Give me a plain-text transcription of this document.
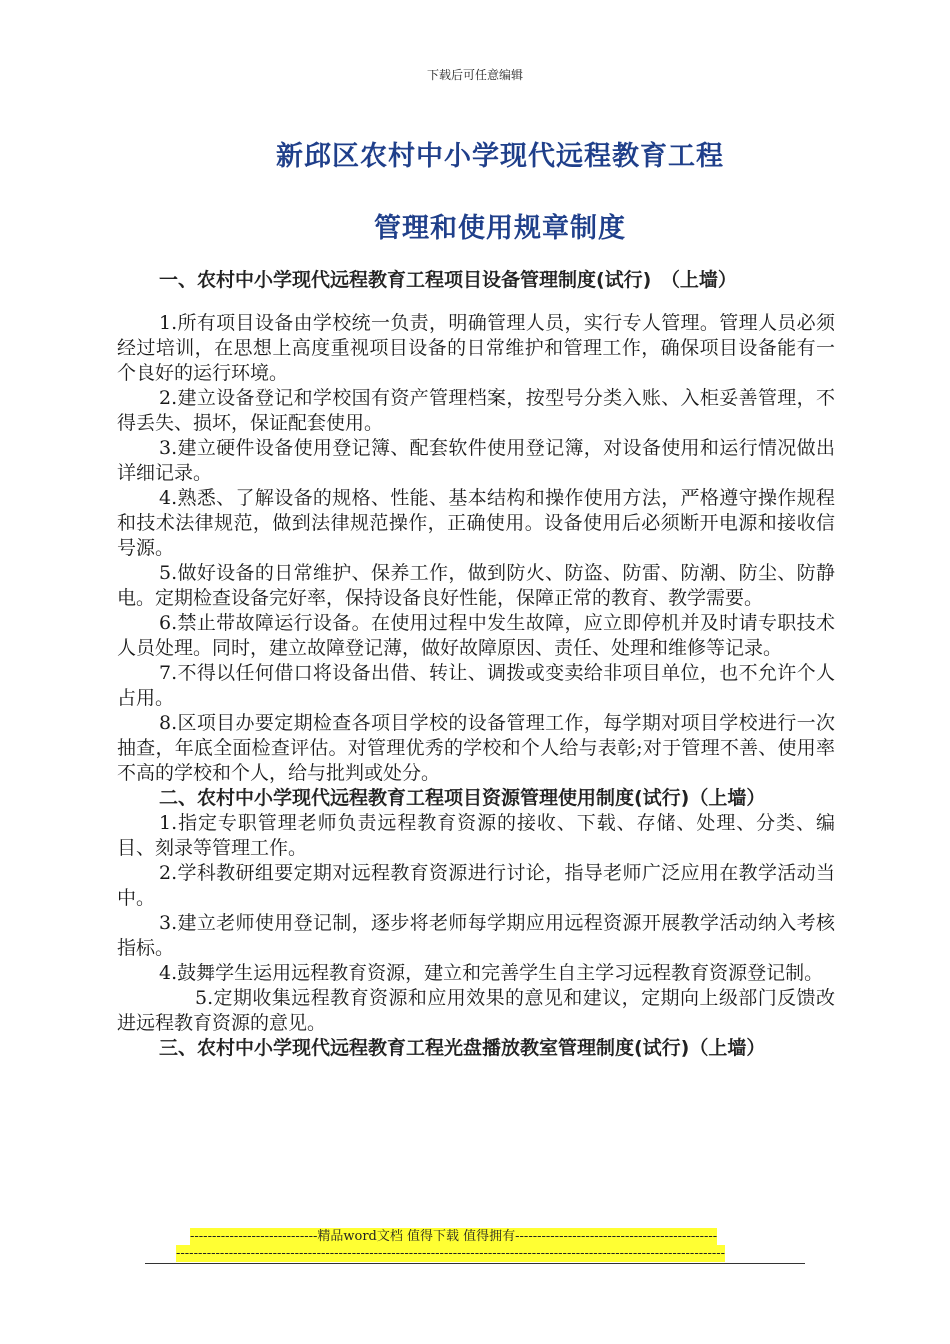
下载后可任意编辑
新邱区农村中小学现代远程教育工程
管理和使用规章制度

一、农村中小学现代远程教育工程项目设备管理制度(试行)　（上墙）

1.所有项目设备由学校统一负责，明确管理人员，实行专人管理。管理人员必须经过培训，在思想上高度重视项目设备的日常维护和管理工作，确保项目设备能有一个良好的运行环境。

2.建立设备登记和学校国有资产管理档案，按型号分类入账、入柜妥善管理，不得丢失、损坏，保证配套使用。

3.建立硬件设备使用登记簿、配套软件使用登记簿，对设备使用和运行情况做出详细记录。

4.熟悉、了解设备的规格、性能、基本结构和操作使用方法，严格遵守操作规程和技术法律规范，做到法律规范操作，正确使用。设备使用后必须断开电源和接收信号源。

5.做好设备的日常维护、保养工作，做到防火、防盗、防雷、防潮、防尘、防静电。定期检查设备完好率，保持设备良好性能，保障正常的教育、教学需要。

6.禁止带故障运行设备。在使用过程中发生故障，应立即停机并及时请专职技术人员处理。同时，建立故障登记薄，做好故障原因、责任、处理和维修等记录。

7.不得以任何借口将设备出借、转让、调拨或变卖给非项目单位，也不允许个人占用。

8.区项目办要定期检查各项目学校的设备管理工作，每学期对项目学校进行一次抽查，年底全面检查评估。对管理优秀的学校和个人给与表彰;对于管理不善、使用率不高的学校和个人，给与批判或处分。

二、农村中小学现代远程教育工程项目资源管理使用制度(试行)（上墙）

1.指定专职管理老师负责远程教育资源的接收、下载、存储、处理、分类、编目、刻录等管理工作。

2.学科教研组要定期对远程教育资源进行讨论，指导老师广泛应用在教学活动当中。

3.建立老师使用登记制，逐步将老师每学期应用远程资源开展教学活动纳入考核指标。

4.鼓舞学生运用远程教育资源，建立和完善学生自主学习远程教育资源登记制。

5.定期收集远程教育资源和应用效果的意见和建议，定期向上级部门反馈改进远程教育资源的意见。

三、农村中小学现代远程教育工程光盘播放教室管理制度(试行)（上墙）

-----------------------------精品word文档 值得下载 值得拥有----------------------------------------------
-----------------------------------------------------------------------------------------------------------------------------
